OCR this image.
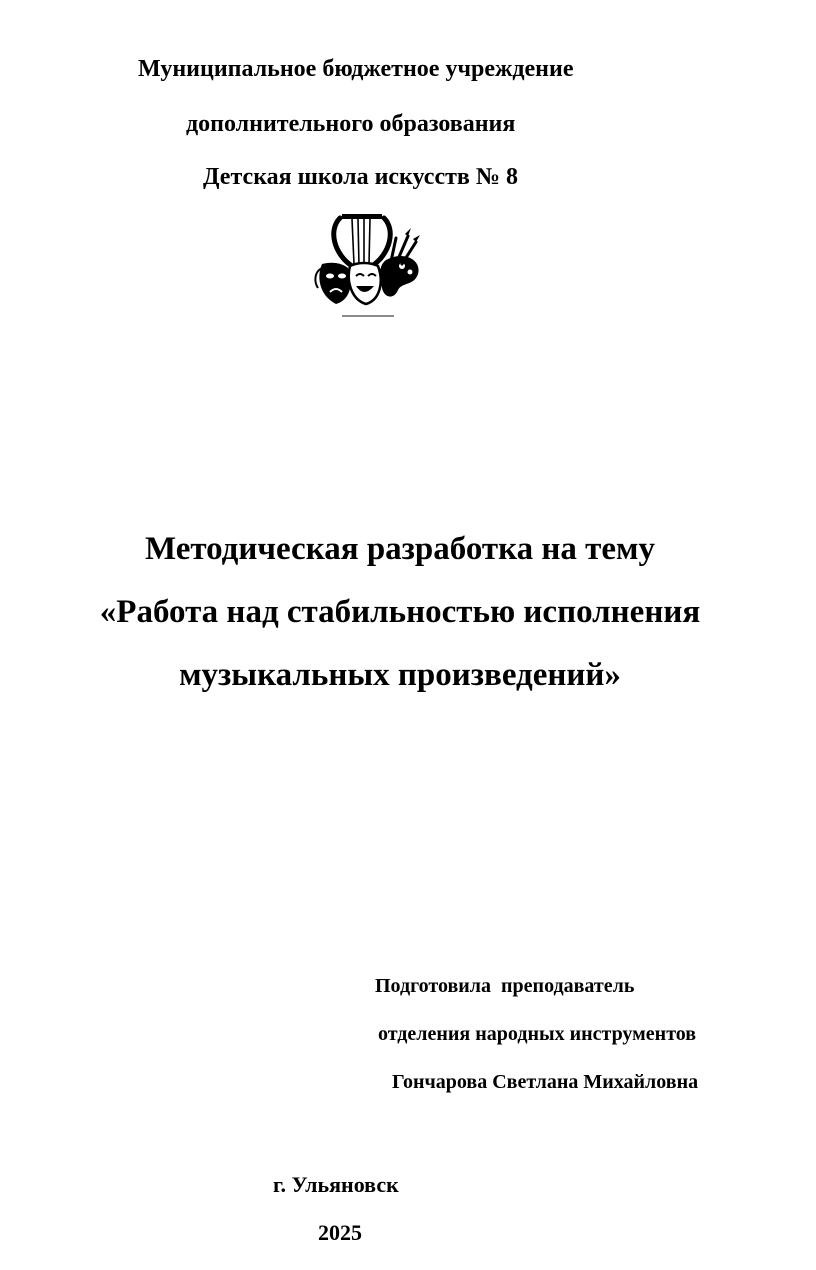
Муниципальное бюджетное учреждение
дополнительного образования
Детская школа искусств № 8
Методическая разработка на тему
«Работа над стабильностью исполнения
музыкальных произведений»
Подготовила  преподаватель
отделения народных инструментов
Гончарова Светлана Михайловна
г. Ульяновск
2025
